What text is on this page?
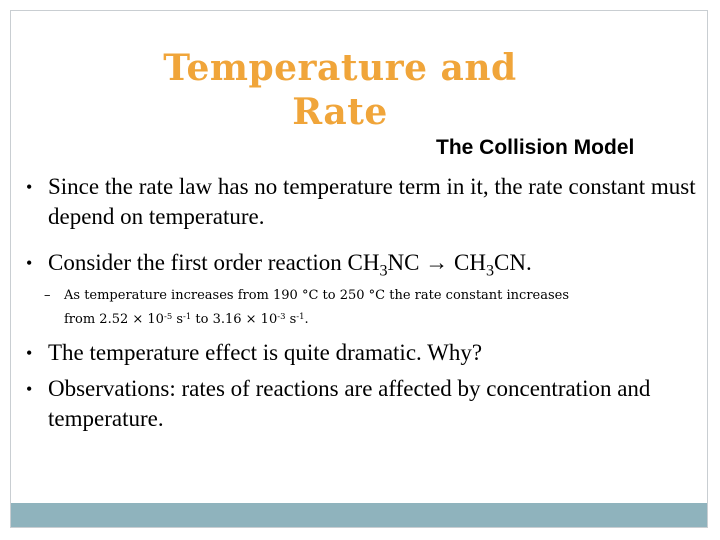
Temperature and
Rate
The Collision Model
• Since the rate law has no temperature term in it, the rate constant must depend on temperature.
• Consider the first order reaction $CH_3NC \to CH_3CN$.
–	As temperature increases from 190 °C to 250 °C the rate constant increases
from $2.52 \times 10^{-5}$ $s^{-1}$ to $3.16 \times 10^{-3}$ $s^{-1}$.
• The temperature effect is quite dramatic. Why?
• Observations: rates of reactions are affected by concentration and temperature.
